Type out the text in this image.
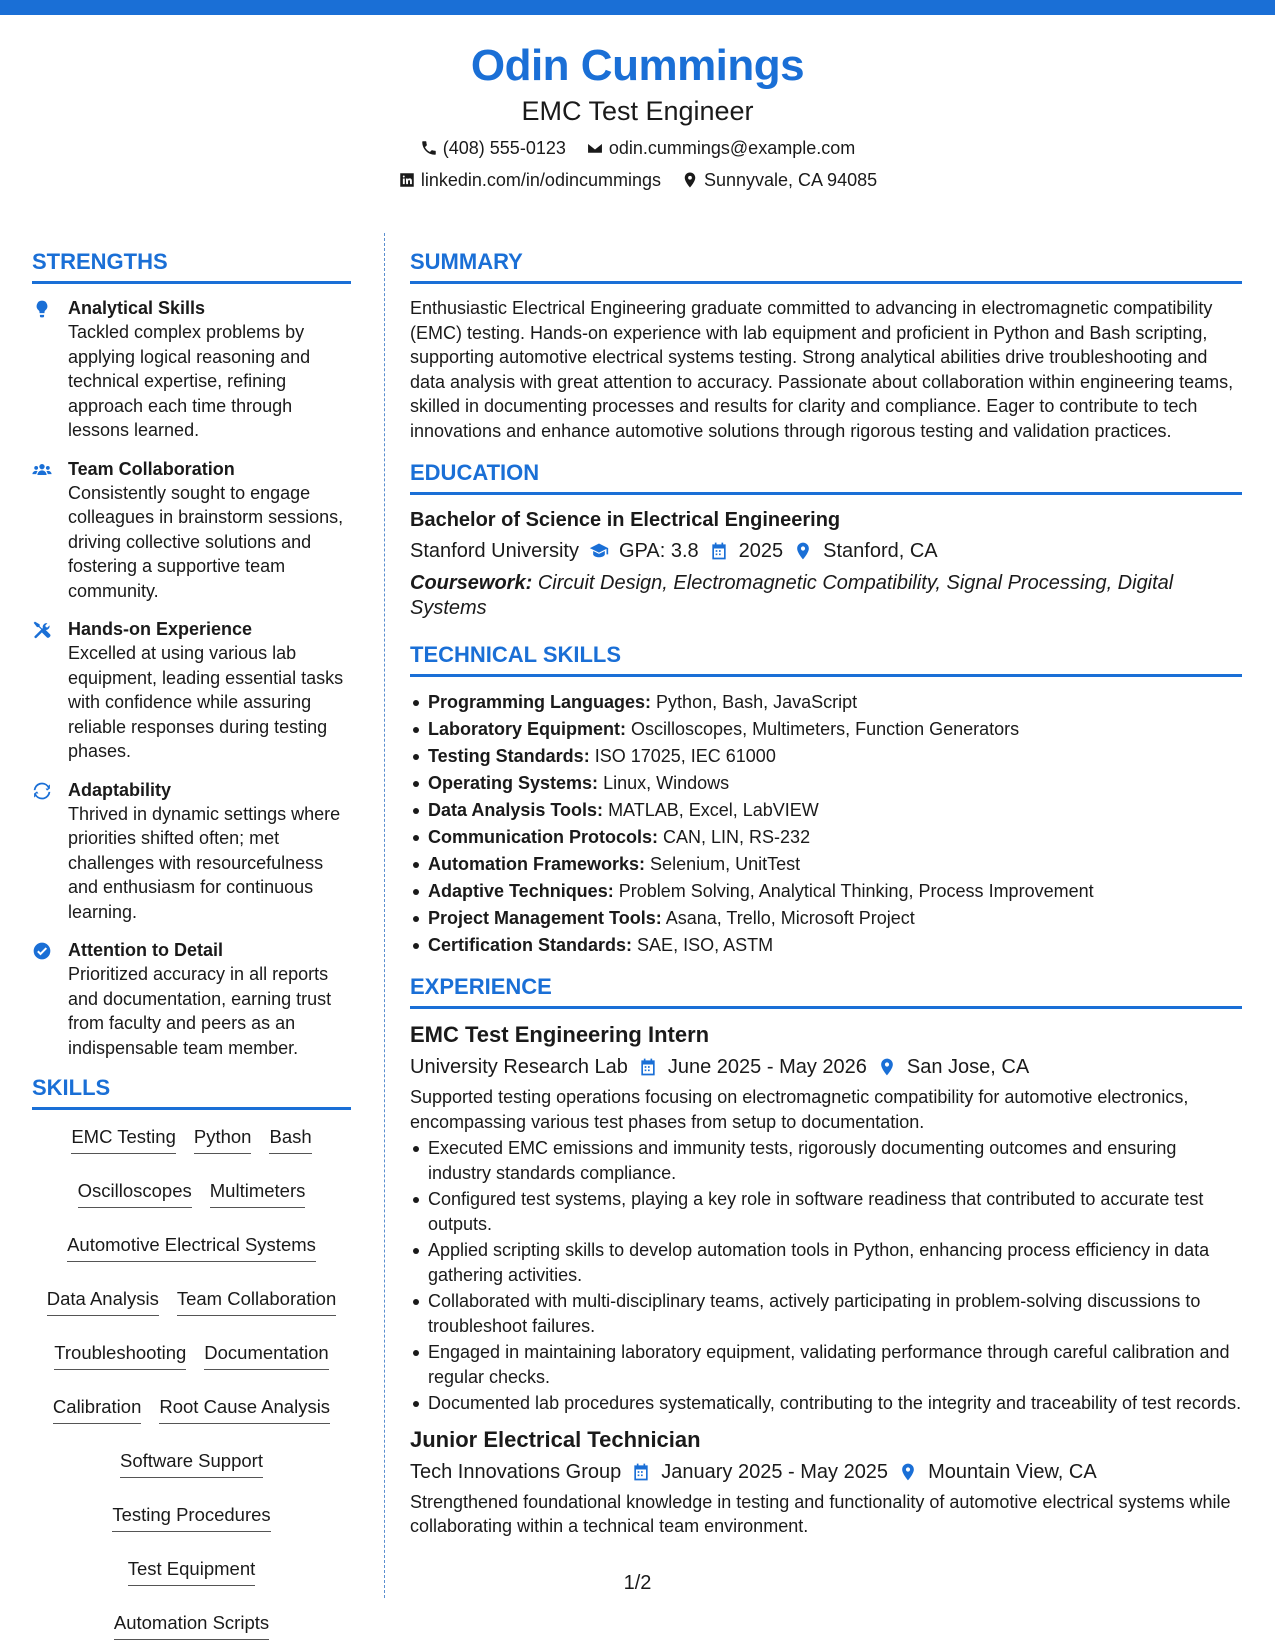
Odin Cummings
EMC Test Engineer
(408) 555-0123 odin.cummings@example.com
linkedin.com/in/odincummings Sunnyvale, CA 94085
STRENGTHS
Analytical Skills
Tackled complex problems by applying logical reasoning and technical expertise, refining approach each time through lessons learned.
Team Collaboration
Consistently sought to engage colleagues in brainstorm sessions, driving collective solutions and fostering a supportive team community.
Hands-on Experience
Excelled at using various lab equipment, leading essential tasks with confidence while assuring reliable responses during testing phases.
Adaptability
Thrived in dynamic settings where priorities shifted often; met challenges with resourcefulness and enthusiasm for continuous learning.
Attention to Detail
Prioritized accuracy in all reports and documentation, earning trust from faculty and peers as an indispensable team member.
SKILLS
EMC Testing Python Bash
Oscilloscopes Multimeters
Automotive Electrical Systems
Data Analysis Team Collaboration
Troubleshooting Documentation
Calibration Root Cause Analysis
Software Support
Testing Procedures
Test Equipment
Automation Scripts
SUMMARY
Enthusiastic Electrical Engineering graduate committed to advancing in electromagnetic compatibility (EMC) testing. Hands-on experience with lab equipment and proficient in Python and Bash scripting, supporting automotive electrical systems testing. Strong analytical abilities drive troubleshooting and data analysis with great attention to accuracy. Passionate about collaboration within engineering teams, skilled in documenting processes and results for clarity and compliance. Eager to contribute to tech innovations and enhance automotive solutions through rigorous testing and validation practices.
EDUCATION
Bachelor of Science in Electrical Engineering
Stanford University GPA: 3.8 2025 Stanford, CA
Coursework: Circuit Design, Electromagnetic Compatibility, Signal Processing, Digital Systems
TECHNICAL SKILLS
Programming Languages: Python, Bash, JavaScript
Laboratory Equipment: Oscilloscopes, Multimeters, Function Generators
Testing Standards: ISO 17025, IEC 61000
Operating Systems: Linux, Windows
Data Analysis Tools: MATLAB, Excel, LabVIEW
Communication Protocols: CAN, LIN, RS-232
Automation Frameworks: Selenium, UnitTest
Adaptive Techniques: Problem Solving, Analytical Thinking, Process Improvement
Project Management Tools: Asana, Trello, Microsoft Project
Certification Standards: SAE, ISO, ASTM
EXPERIENCE
EMC Test Engineering Intern
University Research Lab June 2025 - May 2026 San Jose, CA
Supported testing operations focusing on electromagnetic compatibility for automotive electronics, encompassing various test phases from setup to documentation.
Executed EMC emissions and immunity tests, rigorously documenting outcomes and ensuring industry standards compliance.
Configured test systems, playing a key role in software readiness that contributed to accurate test outputs.
Applied scripting skills to develop automation tools in Python, enhancing process efficiency in data gathering activities.
Collaborated with multi-disciplinary teams, actively participating in problem-solving discussions to troubleshoot failures.
Engaged in maintaining laboratory equipment, validating performance through careful calibration and regular checks.
Documented lab procedures systematically, contributing to the integrity and traceability of test records.
Junior Electrical Technician
Tech Innovations Group January 2025 - May 2025 Mountain View, CA
Strengthened foundational knowledge in testing and functionality of automotive electrical systems while collaborating within a technical team environment.
1/2
